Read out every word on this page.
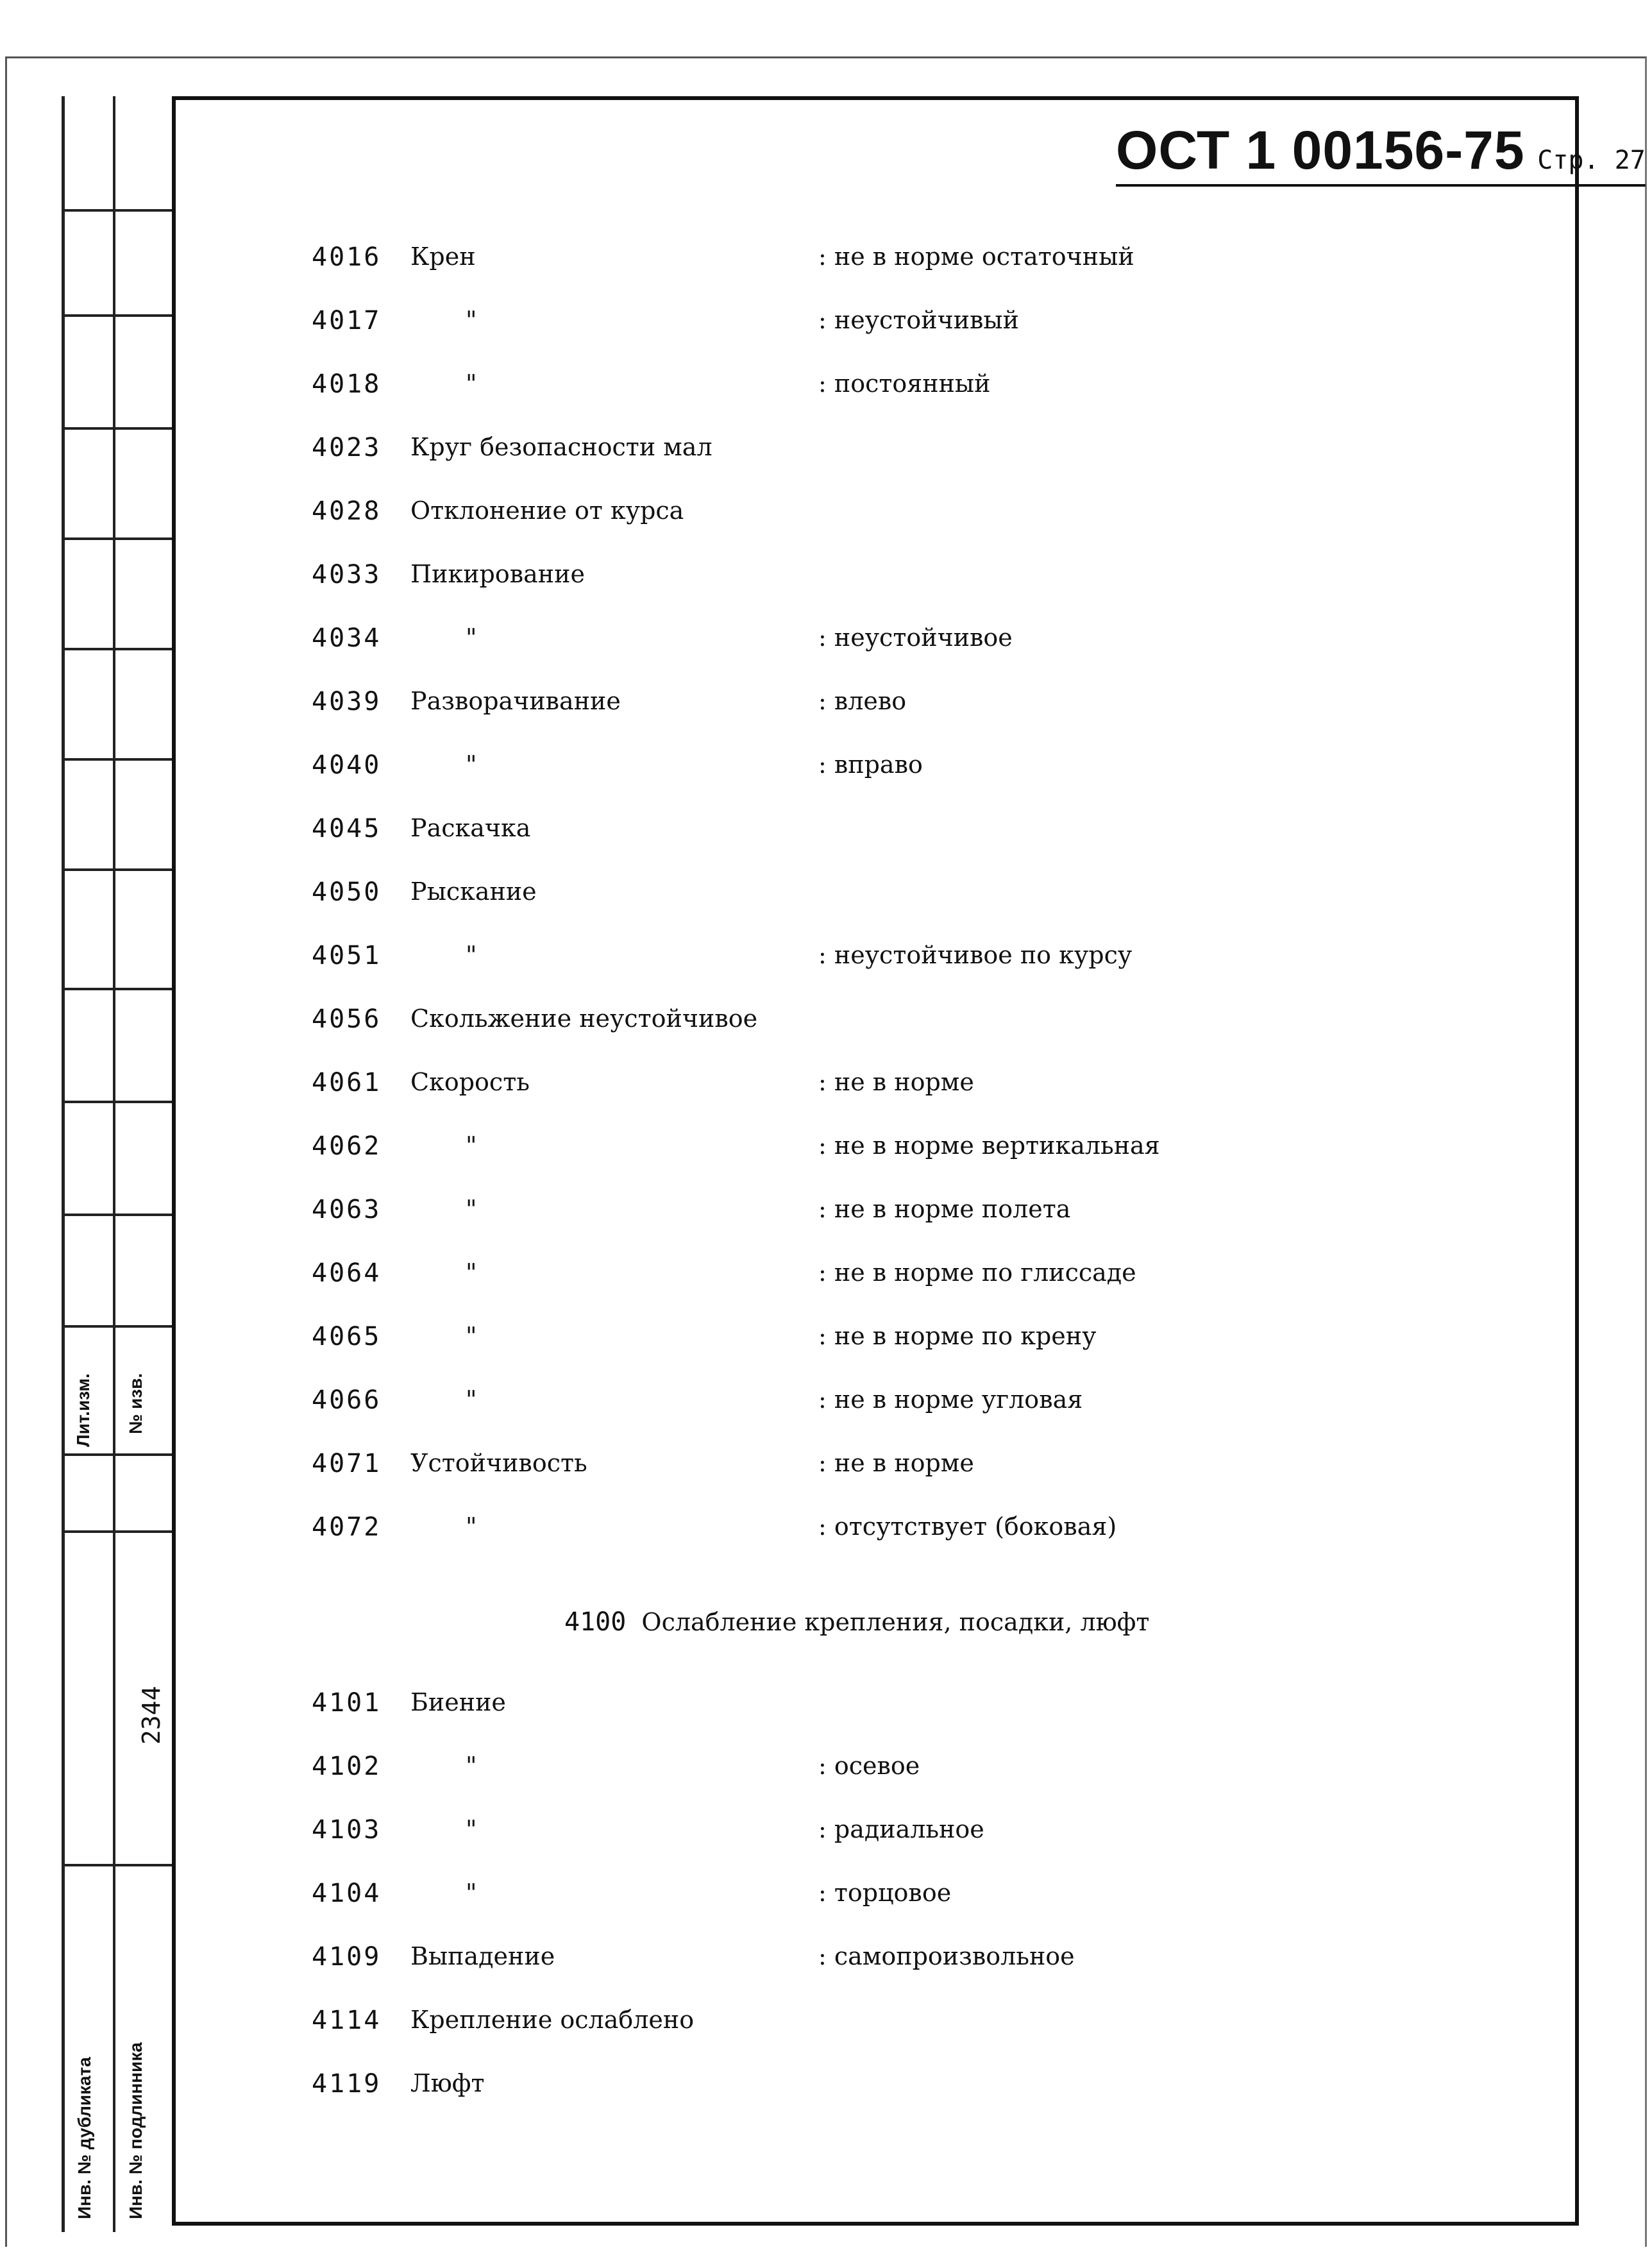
Лит.изм. № изв.
2344
Инв. № дубликата Инв. № подлинника
ОСТ 1 00156-75 Стр. 27
4016 Крен	: не в норме остаточный
4017	"	: неустойчивый
4018	"	: постоянный
4023 Круг безопасности мал
4028 Отклонение от курса
4033 Пикирование
4034	"	: неустойчивое
4039 Разворачивание	: влево
4040	"	: вправо
4045 Раскачка
4050 Рыскание
4051	"	: неустойчивое по курсу
4056 Скольжение неустойчивое
4061 Скорость	: не в норме
4062	"	: не в норме вертикальная
4063	"	: не в норме полета
4064	"	: не в норме по глиссаде
4065	"	: не в норме по крену
4066	"	: не в норме угловая
4071 Устойчивость	: не в норме
4072	"	: отсутствует (боковая)
4100 Ослабление крепления, посадки, люфт
4101 Биение
4102	"	: осевое
4103	"	: радиальное
4104	"	: торцовое
4109 Выпадение	: самопроизвольное
4114 Крепление ослаблено
4119 Люфт
